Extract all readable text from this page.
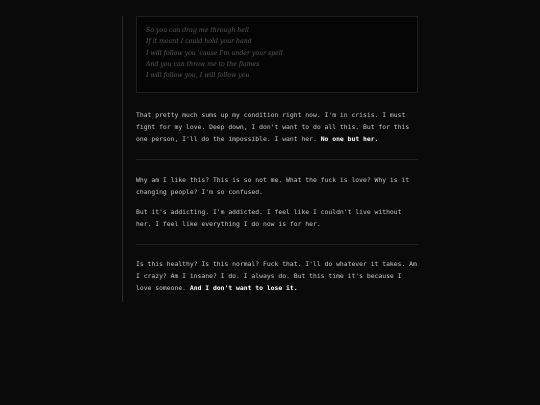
So you can drag me through hell
If it meant I could hold your hand
I will follow you 'cause I'm under your spell
And you can throw me to the flames
I will follow you, I will follow you

That pretty much sums up my condition right now. I'm in crisis. I must fight for my love. Deep down, I don't want to do all this. But for this one person, I'll do the impossible. I want her. No one but her.

Why am I like this? This is so not me. What the fuck is love? Why is it changing people? I'm so confused.

But it's addicting. I'm addicted. I feel like I couldn't live without her. I feel like everything I do now is for her.

Is this healthy? Is this normal? Fuck that. I'll do whatever it takes. Am I crazy? Am I insane? I do. I always do. But this time it's because I love someone. And I don't want to lose it.
